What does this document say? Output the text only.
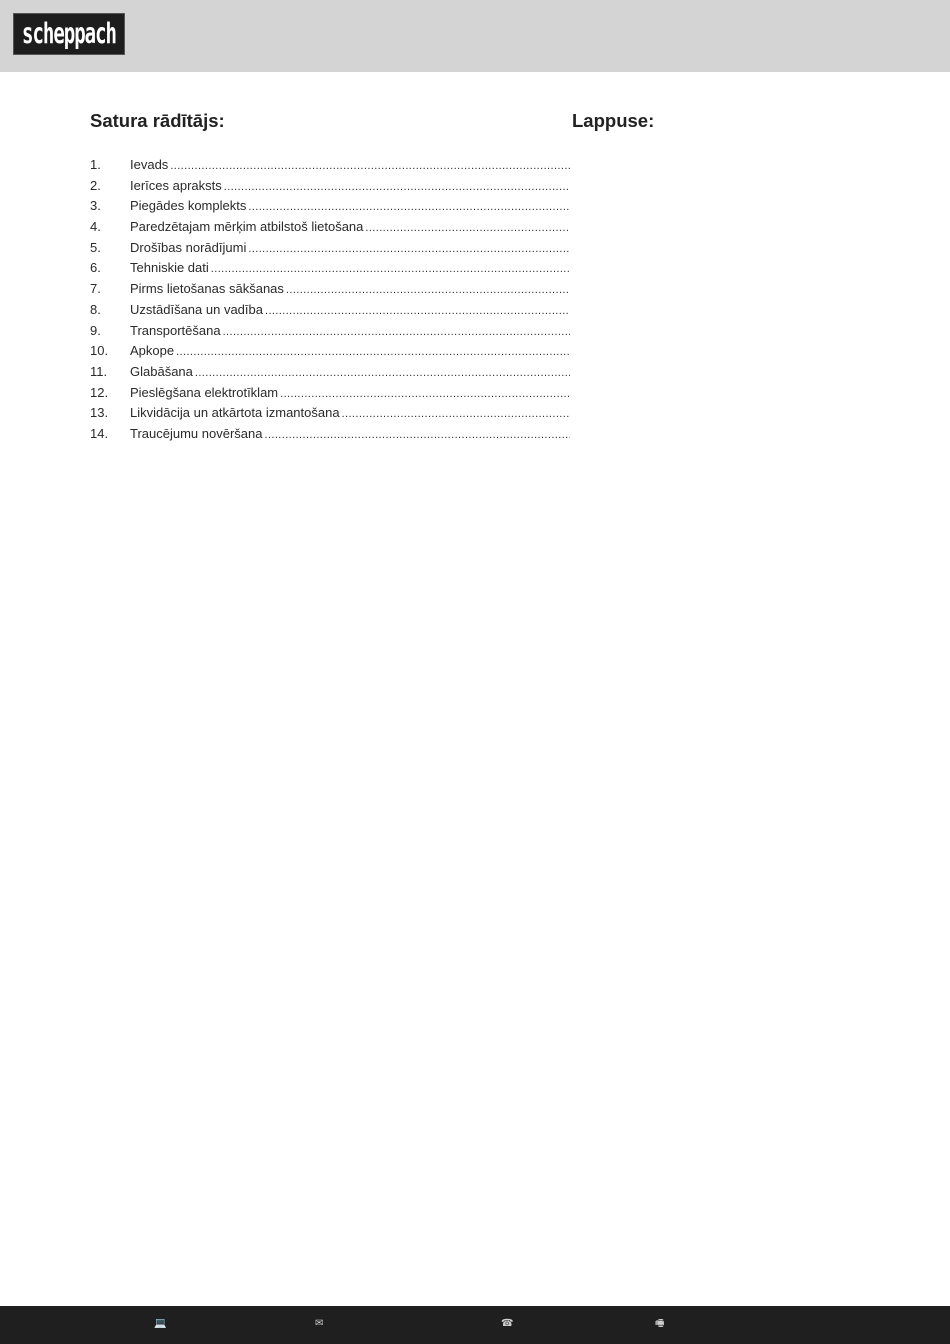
scheppach
Satura rādītājs:	Lappuse:
1.	Ievads
.....
2.	Ierīces apraksts
.....
3.	Piegādes komplekts
.....
4.	Paredzētajam mērķim atbilstoš lietošana
.....
5.	Drošības norādījumi
.....
6.	Tehniskie dati
.....
7.	Pirms lietošanas sākšanas
.....
8.	Uzstādīšana un vadība
.....
9.	Transportēšana
.....
10.	Apkope
.....
11.	Glabāšana
.....
12.	Pieslēgšana elektrotīklam
.....
13.	Likvidācija un atkārtota izmantošana
.....
14.	Traucējumu novēršana
.....
💻	✉	☎	🖷
